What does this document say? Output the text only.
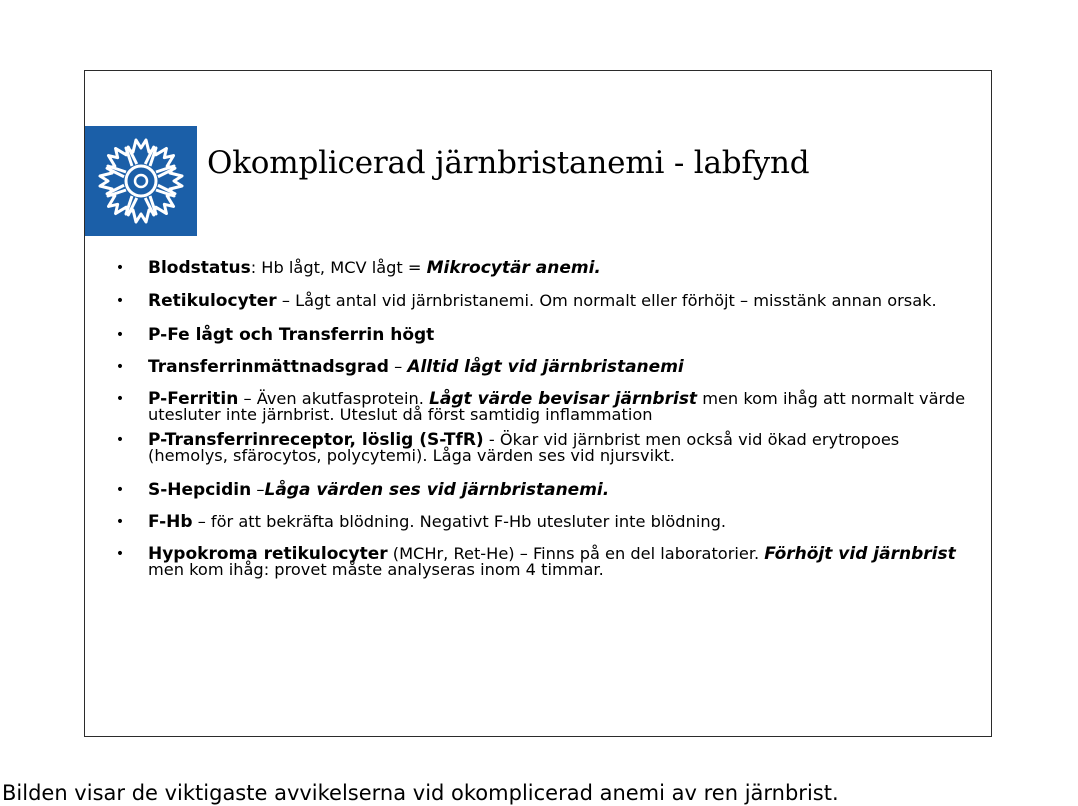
Okomplicerad järnbristanemi - labfynd
• Blodstatus: Hb lågt, MCV lågt = Mikrocytär anemi.
• Retikulocyter – Lågt antal vid järnbristanemi. Om normalt eller förhöjt – misstänk annan orsak.
• P-Fe lågt och Transferrin högt
• Transferrinmättnadsgrad – Alltid lågt vid järnbristanemi
• P-Ferritin – Även akutfasprotein. Lågt värde bevisar järnbrist men kom ihåg att normalt värde utesluter inte järnbrist. Uteslut då först samtidig inflammation
• P-Transferrinreceptor, löslig (S-TfR) - Ökar vid järnbrist men också vid ökad erytropoes (hemolys, sfärocytos, polycytemi). Låga värden ses vid njursvikt.
• S-Hepcidin –Låga värden ses vid järnbristanemi.
• F-Hb – för att bekräfta blödning. Negativt F-Hb utesluter inte blödning.
• Hypokroma retikulocyter (MCHr, Ret-He) – Finns på en del laboratorier. Förhöjt vid järnbrist men kom ihåg: provet måste analyseras inom 4 timmar.
Bilden visar de viktigaste avvikelserna vid okomplicerad anemi av ren järnbrist.
